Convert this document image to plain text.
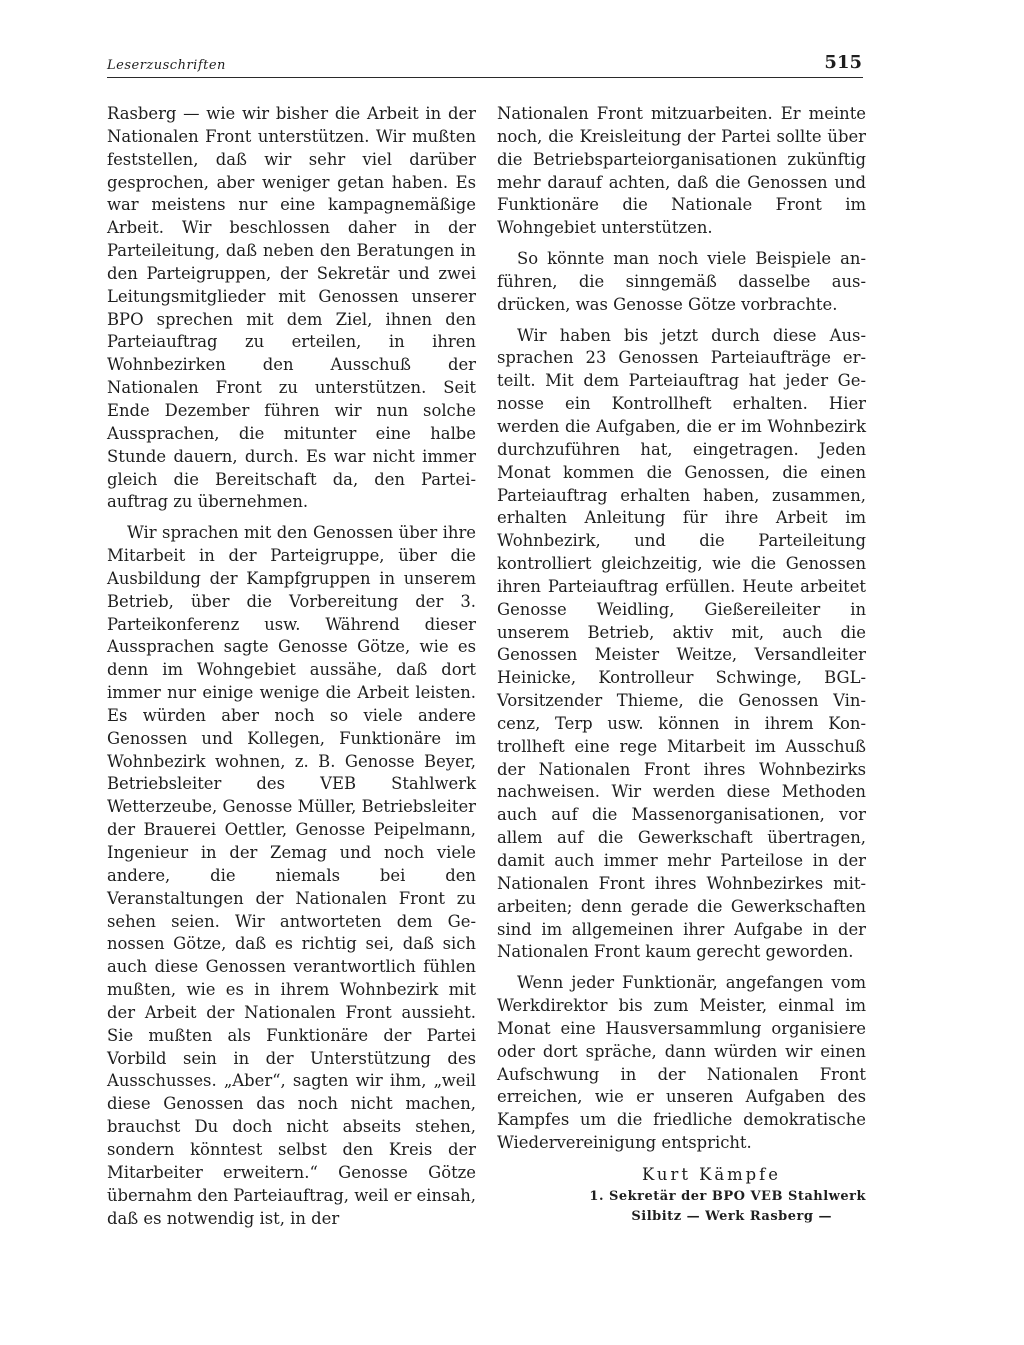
Leserzuschriften	515

Rasberg — wie wir bisher die Arbeit in der Nationalen Front unterstützen. Wir mußten feststellen, daß wir sehr viel darüber gesprochen, aber weniger getan haben. Es war meistens nur eine kampagnemäßige Arbeit. Wir beschlossen daher in der Parteileitung, daß neben den Beratungen in den Parteigruppen, der Sekretär und zwei Leitungsmitglieder mit Genossen unserer BPO sprechen mit dem Ziel, ihnen den Parteiauftrag zu erteilen, in ihren Wohnbezirken den Ausschuß der Nationalen Front zu unterstützen. Seit Ende Dezember führen wir nun solche Aussprachen, die mitunter eine halbe Stunde dauern, durch. Es war nicht immer gleich die Bereitschaft da, den Parteiauftrag zu übernehmen.

Wir sprachen mit den Genossen über ihre Mitarbeit in der Parteigruppe, über die Ausbildung der Kampfgruppen in unserem Betrieb, über die Vorbereitung der 3. Parteikonferenz usw. Während dieser Aussprachen sagte Genosse Götze, wie es denn im Wohngebiet aussähe, daß dort immer nur einige wenige die Arbeit leisten. Es würden aber noch so viele andere Genossen und Kollegen, Funktionäre im Wohnbezirk wohnen, z. B. Genosse Beyer, Betriebsleiter des VEB Stahlwerk Wetterzeube, Genosse Müller, Betriebsleiter der Brauerei Oettler, Genosse Peipelmann, Ingenieur in der Zemag und noch viele andere, die niemals bei den Veranstaltungen der Nationalen Front zu sehen seien. Wir antworteten dem Genossen Götze, daß es richtig sei, daß sich auch diese Genossen verantwortlich fühlen mußten, wie es in ihrem Wohnbezirk mit der Arbeit der Nationalen Front aussieht. Sie mußten als Funktionäre der Partei Vorbild sein in der Unterstützung des Ausschusses. „Aber“, sagten wir ihm, „weil diese Genossen das noch nicht machen, brauchst Du doch nicht abseits stehen, sondern könntest selbst den Kreis der Mitarbeiter erweitern.“ Genosse Götze übernahm den Parteiauftrag, weil er einsah, daß es notwendig ist, in der

Nationalen Front mitzuarbeiten. Er meinte noch, die Kreisleitung der Partei sollte über die Betriebsparteiorganisationen zukünftig mehr darauf achten, daß die Genossen und Funktionäre die Nationale Front im Wohngebiet unterstützen.

So könnte man noch viele Beispiele anführen, die sinngemäß dasselbe ausdrücken, was Genosse Götze vorbrachte.

Wir haben bis jetzt durch diese Aussprachen 23 Genossen Parteiaufträge erteilt. Mit dem Parteiauftrag hat jeder Genosse ein Kontrollheft erhalten. Hier werden die Aufgaben, die er im Wohnbezirk durchzuführen hat, eingetragen. Jeden Monat kommen die Genossen, die einen Parteiauftrag erhalten haben, zusammen, erhalten Anleitung für ihre Arbeit im Wohnbezirk, und die Parteileitung kontrolliert gleichzeitig, wie die Genossen ihren Parteiauftrag erfüllen. Heute arbeitet Genosse Weidling, Gießereileiter in unserem Betrieb, aktiv mit, auch die Genossen Meister Weitze, Versandleiter Heinicke, Kontrolleur Schwinge, BGL-Vorsitzender Thieme, die Genossen Vincenz, Terp usw. können in ihrem Kontrollheft eine rege Mitarbeit im Ausschuß der Nationalen Front ihres Wohnbezirks nachweisen. Wir werden diese Methoden auch auf die Massenorganisationen, vor allem auf die Gewerkschaft übertragen, damit auch immer mehr Parteilose in der Nationalen Front ihres Wohnbezirkes mitarbeiten; denn gerade die Gewerkschaften sind im allgemeinen ihrer Aufgabe in der Nationalen Front kaum gerecht geworden.

Wenn jeder Funktionär, angefangen vom Werkdirektor bis zum Meister, einmal im Monat eine Hausversammlung organisiere oder dort spräche, dann würden wir einen Aufschwung in der Nationalen Front erreichen, wie er unseren Aufgaben des Kampfes um die friedliche demokratische Wiedervereinigung entspricht.

Kurt Kämpfe
1. Sekretär der BPO VEB Stahlwerk
Silbitz — Werk Rasberg —
